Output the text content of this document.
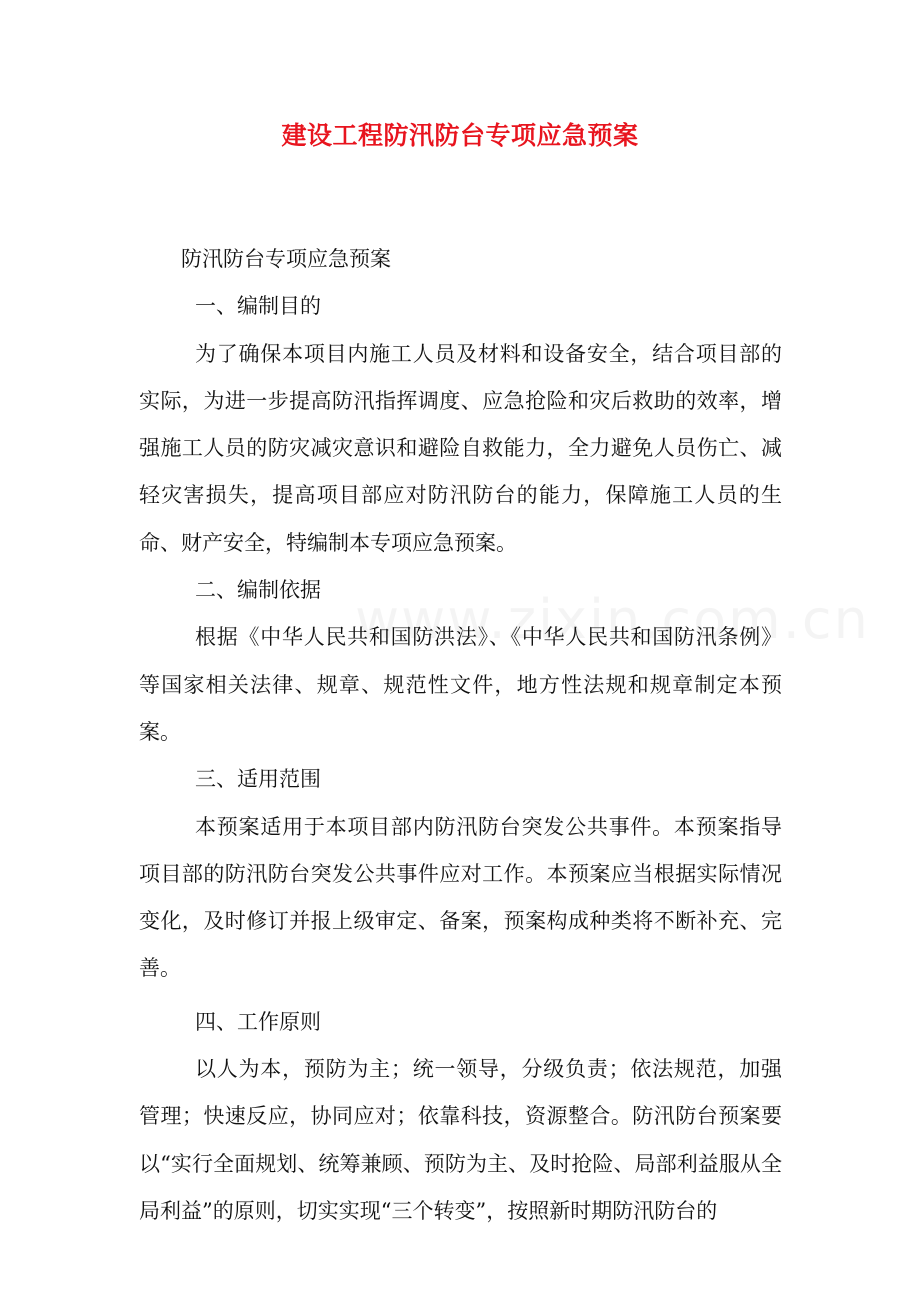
建设工程防汛防台专项应急预案

防汛防台专项应急预案

一、编制目的

为了确保本项目内施工人员及材料和设备安全，结合项目部的实际，为进一步提高防汛指挥调度、应急抢险和灾后救助的效率，增强施工人员的防灾减灾意识和避险自救能力，全力避免人员伤亡、减轻灾害损失，提高项目部应对防汛防台的能力，保障施工人员的生命、财产安全，特编制本专项应急预案。

二、编制依据

根据《中华人民共和国防洪法》、《中华人民共和国防汛条例》等国家相关法律、规章、规范性文件，地方性法规和规章制定本预案。

三、适用范围

本预案适用于本项目部内防汛防台突发公共事件。本预案指导项目部的防汛防台突发公共事件应对工作。本预案应当根据实际情况变化，及时修订并报上级审定、备案，预案构成种类将不断补充、完善。

四、工作原则

以人为本，预防为主；统一领导，分级负责；依法规范，加强管理；快速反应，协同应对；依靠科技，资源整合。防汛防台预案要以“实行全面规划、统筹兼顾、预防为主、及时抢险、局部利益服从全局利益”的原则，切实实现“三个转变”，按照新时期防汛防台的
